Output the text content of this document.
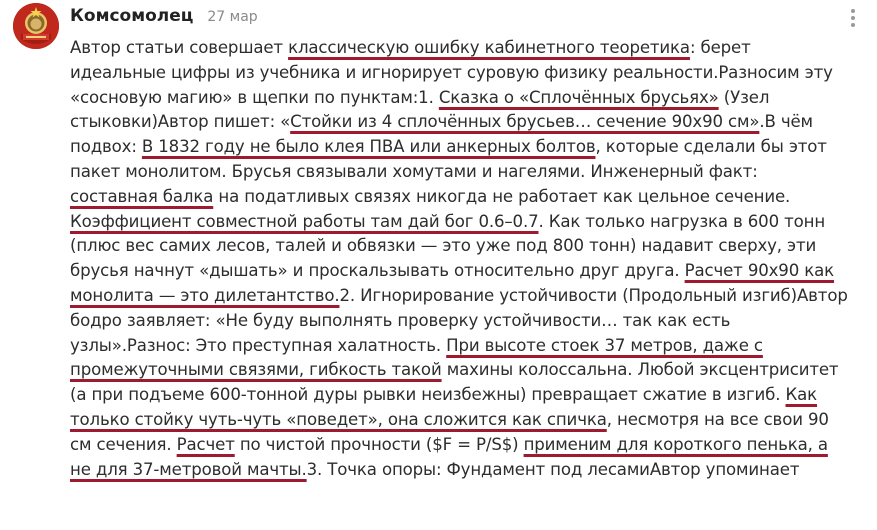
Комсомолец 27 мар

Автор статьи совершает классическую ошибку кабинетного теоретика: берет идеальные цифры из учебника и игнорирует суровую физику реальности.Разносим эту «сосновую магию» в щепки по пунктам:1. Сказка о «Сплочённых брусьях» (Узел стыковки)Автор пишет: «Стойки из 4 сплочённых брусьев… сечение 90х90 см».В чём подвох: В 1832 году не было клея ПВА или анкерных болтов, которые сделали бы этот пакет монолитом. Брусья связывали хомутами и нагелями. Инженерный факт: составная балка на податливых связях никогда не работает как цельное сечение. Коэффициент совместной работы там дай бог 0.6–0.7. Как только нагрузка в 600 тонн (плюс вес самих лесов, талей и обвязки — это уже под 800 тонн) надавит сверху, эти брусья начнут «дышать» и проскальзывать относительно друг друга. Расчет 90х90 как монолита — это дилетантство.2. Игнорирование устойчивости (Продольный изгиб)Автор бодро заявляет: «Не буду выполнять проверку устойчивости… так как есть узлы».Разнос: Это преступная халатность. При высоте стоек 37 метров, даже с промежуточными связями, гибкость такой махины колоссальна. Любой эксцентриситет (а при подъеме 600-тонной дуры рывки неизбежны) превращает сжатие в изгиб. Как только стойку чуть-чуть «поведет», она сложится как спичка, несмотря на все свои 90 см сечения. Расчет по чистой прочности ($F = P/S$) применим для короткого пенька, а не для 37-метровой мачты.3. Точка опоры: Фундамент под лесамиАвтор упоминает
